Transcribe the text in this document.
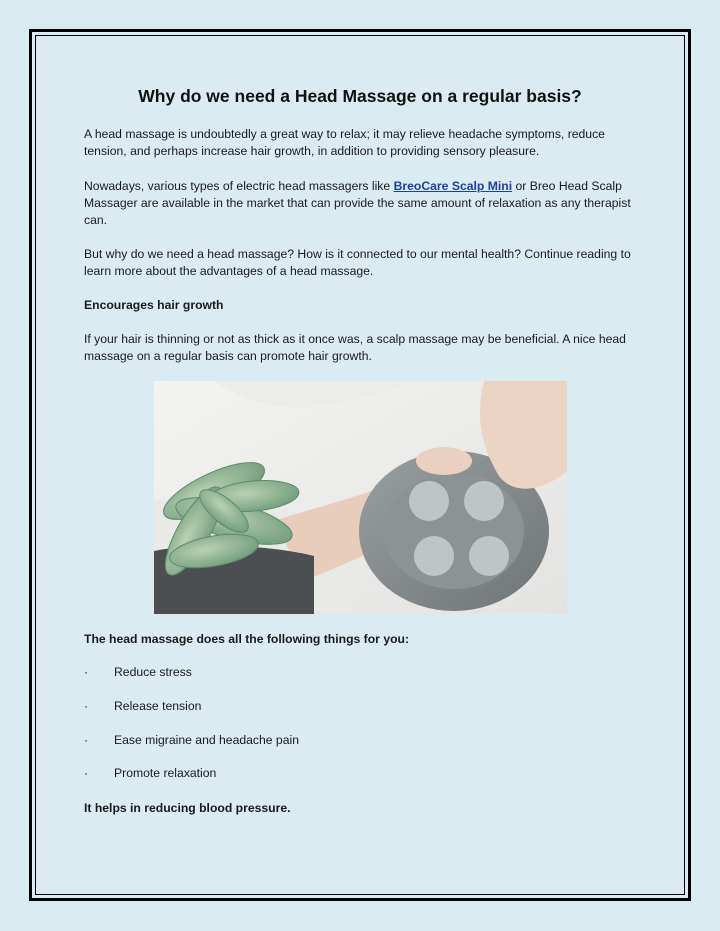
Why do we need a Head Massage on a regular basis?

A head massage is undoubtedly a great way to relax; it may relieve headache symptoms, reduce tension, and perhaps increase hair growth, in addition to providing sensory pleasure.

Nowadays, various types of electric head massagers like BreoCare Scalp Mini or Breo Head Scalp Massager are available in the market that can provide the same amount of relaxation as any therapist can.

But why do we need a head massage? How is it connected to our mental health? Continue reading to learn more about the advantages of a head massage.

Encourages hair growth

If your hair is thinning or not as thick as it once was, a scalp massage may be beneficial. A nice head massage on a regular basis can promote hair growth.

The head massage does all the following things for you:

·	Reduce stress
·	Release tension
·	Ease migraine and headache pain
·	Promote relaxation

It helps in reducing blood pressure.
